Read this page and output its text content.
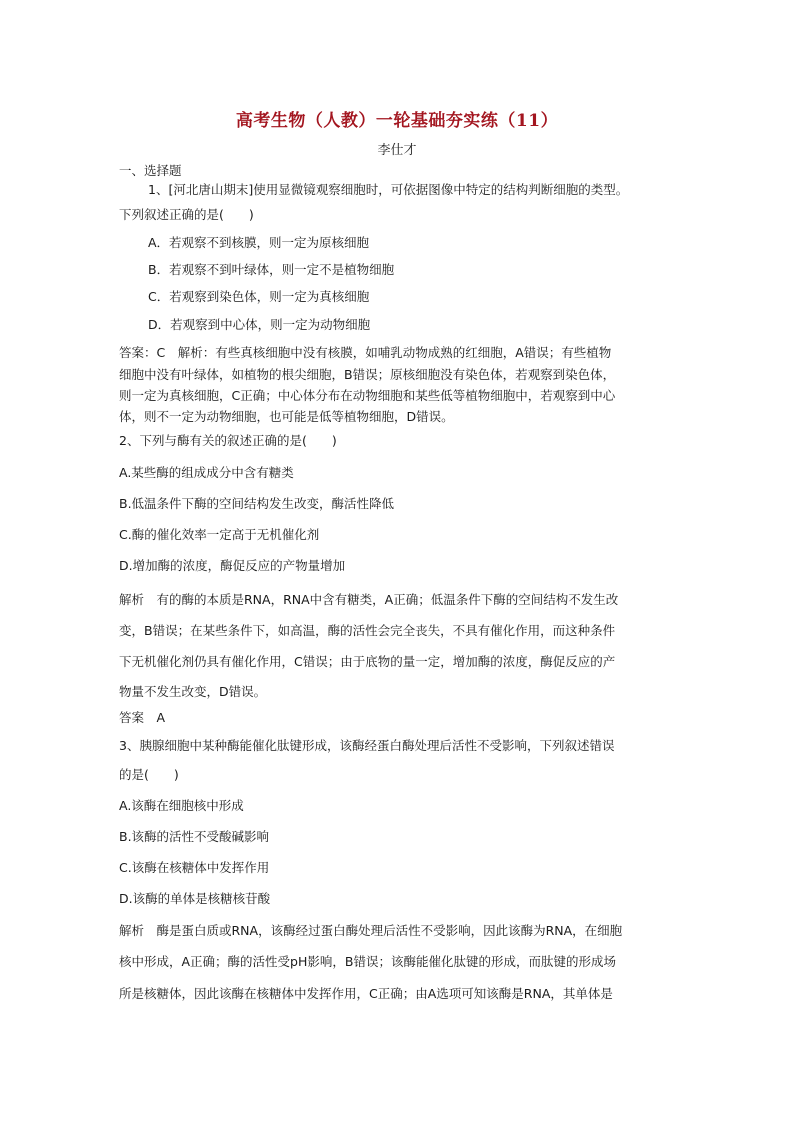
高考生物（人教）一轮基础夯实练（11）
李仕才
一、选择题
1、[河北唐山期末]使用显微镜观察细胞时，可依据图像中特定的结构判断细胞的类型。
下列叙述正确的是(　　)
A．若观察不到核膜，则一定为原核细胞
B．若观察不到叶绿体，则一定不是植物细胞
C．若观察到染色体，则一定为真核细胞
D．若观察到中心体，则一定为动物细胞
答案：C　解析：有些真核细胞中没有核膜，如哺乳动物成熟的红细胞，A错误；有些植物
细胞中没有叶绿体，如植物的根尖细胞，B错误；原核细胞没有染色体，若观察到染色体，
则一定为真核细胞，C正确；中心体分布在动物细胞和某些低等植物细胞中，若观察到中心
体，则不一定为动物细胞，也可能是低等植物细胞，D错误。
2、下列与酶有关的叙述正确的是(　　)
A.某些酶的组成成分中含有糖类
B.低温条件下酶的空间结构发生改变，酶活性降低
C.酶的催化效率一定高于无机催化剂
D.增加酶的浓度，酶促反应的产物量增加
解析　有的酶的本质是RNA，RNA中含有糖类，A正确；低温条件下酶的空间结构不发生改
变，B错误；在某些条件下，如高温，酶的活性会完全丧失，不具有催化作用，而这种条件
下无机催化剂仍具有催化作用，C错误；由于底物的量一定，增加酶的浓度，酶促反应的产
物量不发生改变，D错误。
答案　A
3、胰腺细胞中某种酶能催化肽键形成，该酶经蛋白酶处理后活性不受影响，下列叙述错误
的是(　　)
A.该酶在细胞核中形成
B.该酶的活性不受酸碱影响
C.该酶在核糖体中发挥作用
D.该酶的单体是核糖核苷酸
解析　酶是蛋白质或RNA，该酶经过蛋白酶处理后活性不受影响，因此该酶为RNA，在细胞
核中形成，A正确；酶的活性受pH影响，B错误；该酶能催化肽键的形成，而肽键的形成场
所是核糖体，因此该酶在核糖体中发挥作用，C正确；由A选项可知该酶是RNA，其单体是
